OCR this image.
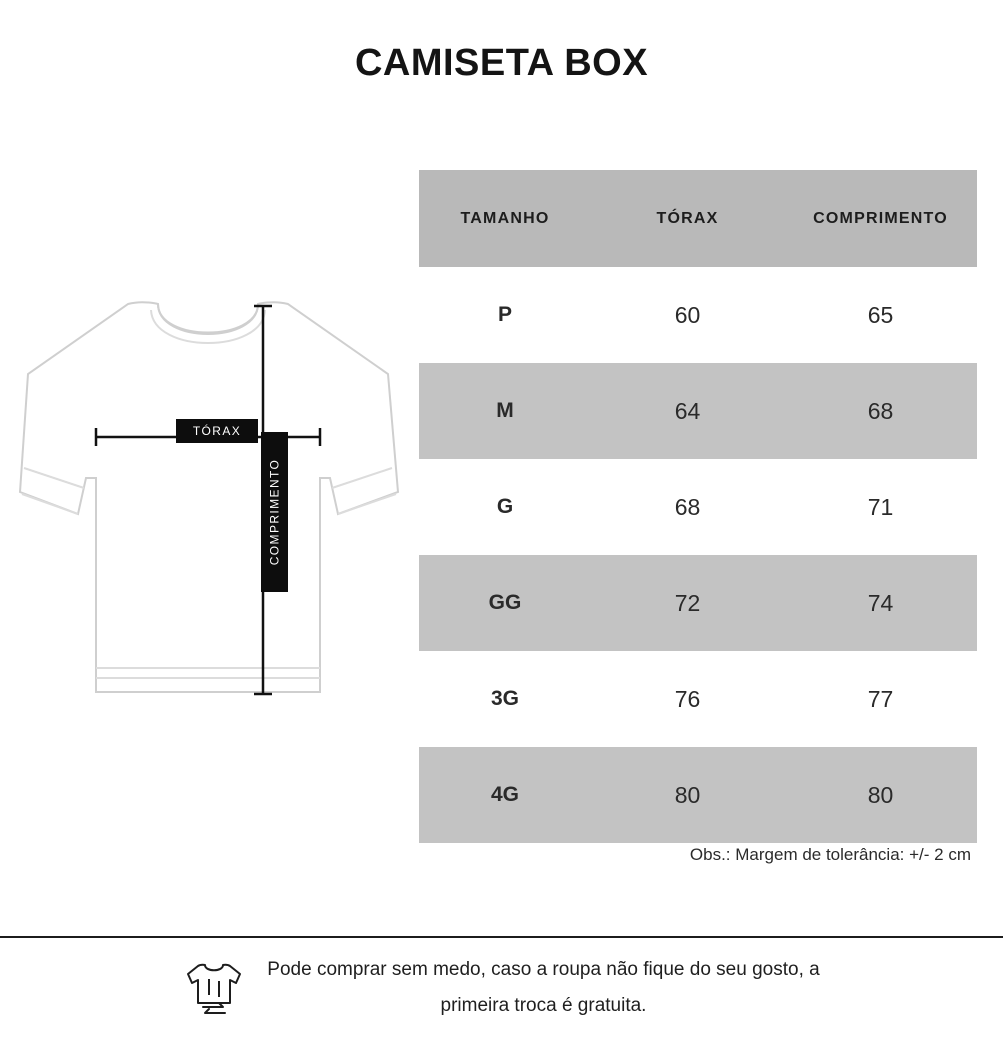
CAMISETA BOX
TÓRAX
COMPRIMENTO
TAMANHO	TÓRAX	COMPRIMENTO
P	60	65
M	64	68
G	68	71
GG	72	74
3G	76	77
4G	80	80
Obs.: Margem de tolerância: +/- 2 cm
Pode comprar sem medo, caso a roupa não fique do seu gosto, a
primeira troca é gratuita.
